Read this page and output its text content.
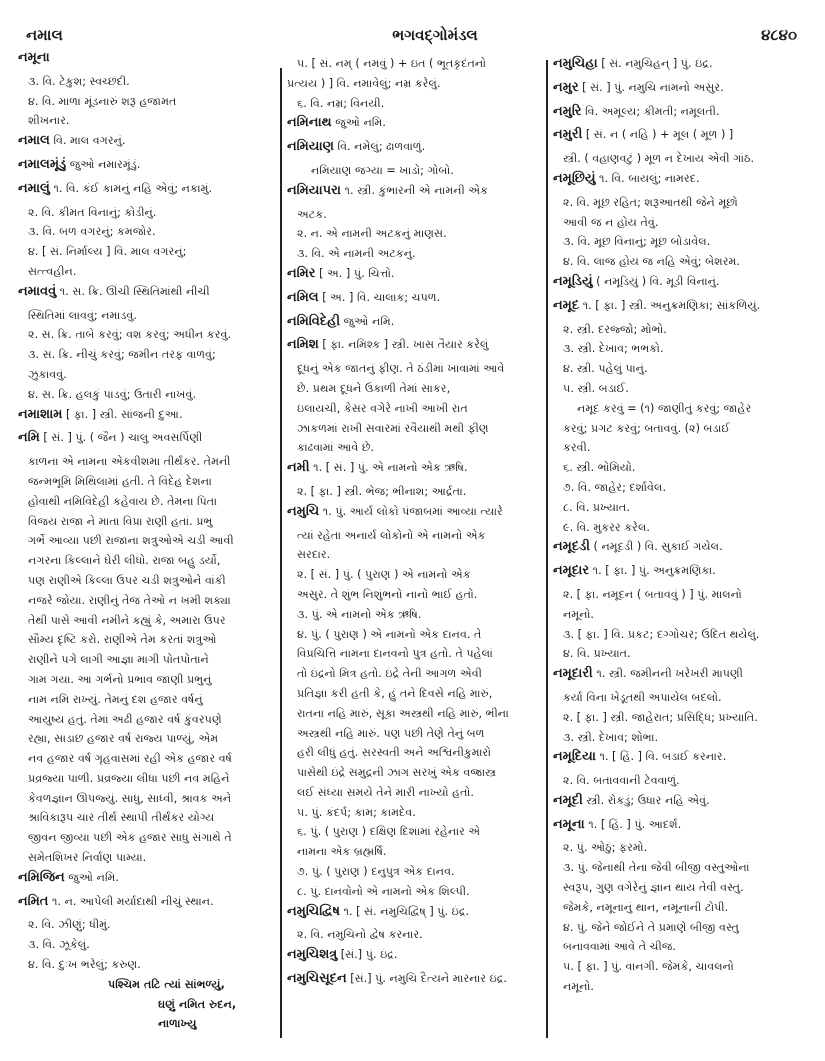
નમાલ	ભગવદ્ગોમંડલ	૪૮૪૦
નમૂના
૩. વિ. ટેકુશ; સ્વચ્છંદી.
૪. વિ. માળા મૂંડનારું શરૂ હજામત
શીખનાર.
નમાલ વિ. માલ વગરનું.
નમાલમૂંડું જુઓ નમારમૂંડું.
નમાલું ૧. વિ. કંઈ કામનું નહિ એવું; નકામું.
૨. વિ. કીમત વિનાનું; કોડીનું.
૩. વિ. બળ વગરનું; કમજોર.
૪. [ સં. નિર્માલ્ય ] વિ. માલ વગરનું;
સત્ત્વહીન.
નમાવવું ૧. સ. ક્રિ. ઊંચી સ્થિતિમાંથી નીચી
સ્થિતિમાં લાવવું; નમાડવું.
૨. સ. ક્રિ. તાબે કરવું; વશ કરવું; અધીન કરવું.
૩. સ. ક્રિ. નીચું કરવું; જમીન તરફ વાળવું;
ઝુકાવવું.
૪. સ. ક્રિ. હલકું પાડવું; ઉતારી નાખવું.
નમાશામ [ ફા. ] સ્ત્રી. સાંજની દુઆ.
નમિ [ સં. ] પું. ( જૈન ) ચાલુ અવસર્પિણી
કાળના એ નામના એકવીશમા તીર્થંકર. તેમની
જન્મભૂમિ મિથિલામાં હતી. તે વિદેહ દેશના
હોવાથી નમિવિદેહી કહેવાય છે. તેમના પિતા
વિજય રાજા ને માતા વિપ્રા રાણી હતાં. પ્રભુ
ગર્ભે આવ્યા પછી રાજાના શત્રુઓએ ચડી આવી
નગરના કિલ્લાને ઘેરી લીધો. રાજા બહુ ડર્યો,
પણ રાણીએ કિલ્લા ઉપર ચડી શત્રુઓને વાંકી
નજરે જોયા. રાણીનું તેજ તેઓ ન ખમી શક્યા
તેથી પાસે આવી નમીને કહ્યું કે, અમારા ઉપર
સૌમ્ય દૃષ્ટિ કરો. રાણીએ તેમ કરતાં શત્રુઓ
રાણીને પગે લાગી આજ્ઞા માગી પોતપોતાને
ગામ ગયા. આ ગર્ભનો પ્રભાવ જાણી પ્રભુનું
નામ નમિ રાખ્યું. તેમનું દશ હજાર વર્ષનું
આયુષ્ય હતું. તેમાં અઢી હજાર વર્ષ કુંવરપણે
રહ્યા, સાડાછ હજાર વર્ષ રાજ્ય પાળ્યું, એમ
નવ હજાર વર્ષ ગૃહવાસમાં રહી એક હજાર વર્ષ
પ્રવ્રજ્યા પાળી. પ્રવ્રજ્યા લીધા પછી નવ મહિને
કેવળજ્ઞાન ઊપજ્યું. સાધુ, સાધ્વી, શ્રાવક અને
શ્રાવિકારૂપ ચાર તીર્થ સ્થાપી તીર્થંકર યોગ્ય
જીવન જીવ્યા પછી એક હજાર સાધુ સંગાથે તે
સમેતશિખર નિર્વાણ પામ્યા.
નમિજિન જુઓ નમિ.
નમિત ૧. ન. આપેલી મર્યાદાથી નીચું સ્થાન.
૨. વિ. ઝીણું; ધીમું.
૩. વિ. ઝૂકેલું.
૪. વિ. દુઃખ ભરેલું; કરુણ.
પશ્ચિમ તટિ ત્યાં સાંભળ્યું,
ઘણું નમિત રુદન, નાળાખ્યુ
૫. [ સં. નમ્ ( નમવું ) + ઇત ( ભૂતકૃદંતનો
પ્રત્યય ) ] વિ. નમાવેલું; નમ્ર કરેલું.
૬. વિ. નમ્ર; વિનયી.
નમિનાથ જુઓ નમિ.
નમિયાણ વિ. નમેલું; ઢાળવાળું.
નમિયાણ જગ્યા = ખાડો; ગોબો.
નમિયાપરા ૧. સ્ત્રી. કુંભારની એ નામની એક
અટક.
૨. ન. એ નામની અટકનું માણસ.
૩. વિ. એ નામની અટકનું.
નમિર [ અ. ] પું. ચિત્તો.
નમિલ [ અ. ] વિ. ચાલાક; ચપળ.
નમિવિદેહી જુઓ નમિ.
નમિશ [ ફા. નમિશ્ક ] સ્ત્રી. ખાસ તૈયાર કરેલું
દૂધનું એક જાતનું ફીણ. તે ઠંડીમાં ખાવામાં આવે
છે. પ્રથમ દૂધને ઉકાળી તેમાં સાકર,
ઇલાયચી, કેસર વગેરે નાખી આખી રાત
ઝાકળમાં રાખી સવારમાં રવૈયાથી મથી ફીણ
કાઢવામાં આવે છે.
નમી ૧. [ સં. ] પું. એ નામનો એક ઋષિ.
૨. [ ફા. ] સ્ત્રી. ભેજ; ભીનાશ; આર્દ્રતા.
નમુચિ ૧. પું. આર્ય લોકો પંજાબમાં આવ્યા ત્યારે
ત્યાં રહેતા અનાર્ય લોકોનો એ નામનો એક
સરદાર.
૨. [ સં. ] પું. ( પુરાણ ) એ નામનો એક
અસુર. તે શુંભ નિશુંભનો નાનો ભાઈ હતો.
૩. પું. એ નામનો એક ઋષિ.
૪. પું. ( પુરાણ ) એ નામનો એક દાનવ. તે
વિપ્રચિત્તિ નામના દાનવનો પુત્ર હતો. તે પહેલાં
તો ઇંદ્રનો મિત્ર હતો. ઇંદ્રે તેની આગળ એવી
પ્રતિજ્ઞા કરી હતી કે, હું તને દિવસે નહિ મારું,
રાતના નહિ મારું, સૂકા અસ્ત્રથી નહિ મારું, ભીના
અસ્ત્રથી નહિ મારું. પણ પછી તેણે તેનું બળ
હરી લીધું હતું. સરસ્વતી અને અશ્વિનીકુમારો
પાસેથી ઇંદ્રે સમુદ્રની ઝાગ સરખું એક વજ્રાસ્ત્ર
લઈ સંધ્યા સમયે તેને મારી નાખ્યો હતો.
૫. પું. કંદર્પ; કામ; કામદેવ.
૬. પું. ( પુરાણ ) દક્ષિણ દિશામાં રહેનાર એ
નામના એક બ્રહ્મર્ષિ.
૭. પું. ( પુરાણ ) દનુપુત્ર એક દાનવ.
૮. પું. દાનવોનો એ નામનો એક શિલ્પી.
નમુચિદ્વિષ ૧. [ સં. નમુચિદ્વિષ્ ] પું. ઇંદ્ર.
૨. વિ. નમુચિનો દ્વેષ કરનાર.
નમુચિશત્રુ [સં.] પું. ઇંદ્ર.
નમુચિસૂદન [સં.] પું. નમુચિ દૈત્યને મારનાર ઇંદ્ર.
નમુચિહા [ સં. નમુચિહન્ ] પું. ઇંદ્ર.
નમુર [ સં. ] પું. નમુચિ નામનો અસુર.
નમુરિ વિ. અમૂલ્ય; કીમતી; નમૂલતી.
નમુરી [ સં. ન ( નહિ ) + મૂલ ( મૂળ ) ]
સ્ત્રી. ( વહાણવટું ) મૂળ ન દેખાય એવી ગાંઠ.
નમૂછિયું ૧. વિ. બાયલું; નામરદ.
૨. વિ. મૂછ રહિત; શરૂઆતથી જેને મૂછો
આવી જ ન હોય તેવું.
૩. વિ. મૂછ વિનાનું; મૂછ બોડાવેલ.
૪. વિ. લાજ હોય જ નહિ એવું; બેશરમ.
નમૂડિયું ( નમૂડિયું ) વિ. મૂડી વિનાનું.
નમૂદ ૧. [ ફા. ] સ્ત્રી. અનુક્રમણિકા; સાંકળિયું.
૨. સ્ત્રી. દરજ્જો; મોભો.
૩. સ્ત્રી. દેખાવ; ભભકો.
૪. સ્ત્રી. પહેલું પાનું.
૫. સ્ત્રી. બડાઈ.
નમૂદ કરવું = (૧) જાણીતું કરવું; જાહેર
કરવું; પ્રગટ કરવું; બતાવવું. (૨) બડાઈ
કરવી.
૬. સ્ત્રી. ભોમિયો.
૭. વિ. જાહેર; દર્શાવેલ.
૮. વિ. પ્રખ્યાત.
૯. વિ. મુકરર કરેલ.
નમૂદડી ( નમૂદડી ) વિ. સુકાઈ ગયેલ.
નમૂદાર ૧. [ ફા. ] પું. અનુક્રમણિકા.
૨. [ ફા. નમૂદન ( બતાવવું ) ] પું. માલનો
નમૂનો.
૩. [ ફા. ] વિ. પ્રકટ; દગ્ગોચર; ઉદિત થયેલું.
૪. વિ. પ્રખ્યાત.
નમૂદારી ૧. સ્ત્રી. જમીનની ખરેખરી માપણી
કર્યા વિના ખેડૂતથી અપાયેલ બદલો.
૨. [ ફા. ] સ્ત્રી. જાહેરાત; પ્રસિદ્ધિ; પ્રખ્યાતિ.
૩. સ્ત્રી. દેખાવ; શોભા.
નમૂદિયા ૧. [ હિં. ] વિ. બડાઈ કરનાર.
૨. વિ. બતાવવાની ટેવવાળું.
નમૂદી સ્ત્રી. રોકડું; ઉધાર નહિ એવું.
નમૂના ૧. [ હિં. ] પું. આદર્શ.
૨. પું. ઓઠું; ફરમો.
૩. પું. જેનાથી તેના જેવી બીજી વસ્તુઓનાં
સ્વરૂપ, ગુણ વગેરેનું જ્ઞાન થાય તેવી વસ્તુ.
જેમકે, નમૂનાનું થાન, નમૂનાની ટોપી.
૪. પું. જેને જોઈને તે પ્રમાણે બીજી વસ્તુ
બનાવવામાં આવે તે ચીજ.
૫. [ ફા. ] પું. વાનગી. જેમકે, ચાવલનો
નમૂનો.
